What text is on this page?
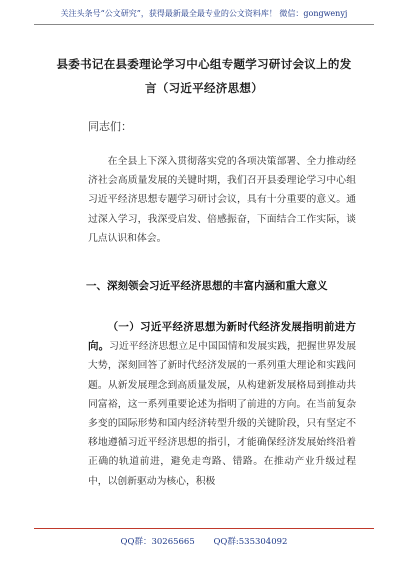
关注头条号“公文研究”，获得最新最全最专业的公文资料库！ 微信：gongwenyj
县委书记在县委理论学习中心组专题学习研讨会议上的发言（习近平经济思想）
同志们：
在全县上下深入贯彻落实党的各项决策部署、全力推动经济社会高质量发展的关键时期，我们召开县委理论学习中心组习近平经济思想专题学习研讨会议，具有十分重要的意义。通过深入学习，我深受启发、倍感振奋，下面结合工作实际，谈几点认识和体会。
一、深刻领会习近平经济思想的丰富内涵和重大意义
（一）习近平经济思想为新时代经济发展指明前进方向。习近平经济思想立足中国国情和发展实践，把握世界发展大势，深刻回答了新时代经济发展的一系列重大理论和实践问题。从新发展理念到高质量发展，从构建新发展格局到推动共同富裕，这一系列重要论述为指明了前进的方向。在当前复杂多变的国际形势和国内经济转型升级的关键阶段，只有坚定不移地遵循习近平经济思想的指引，才能确保经济发展始终沿着正确的轨道前进，避免走弯路、错路。在推动产业升级过程中，以创新驱动为核心，积极
QQ群：30265665 QQ群:535304092
